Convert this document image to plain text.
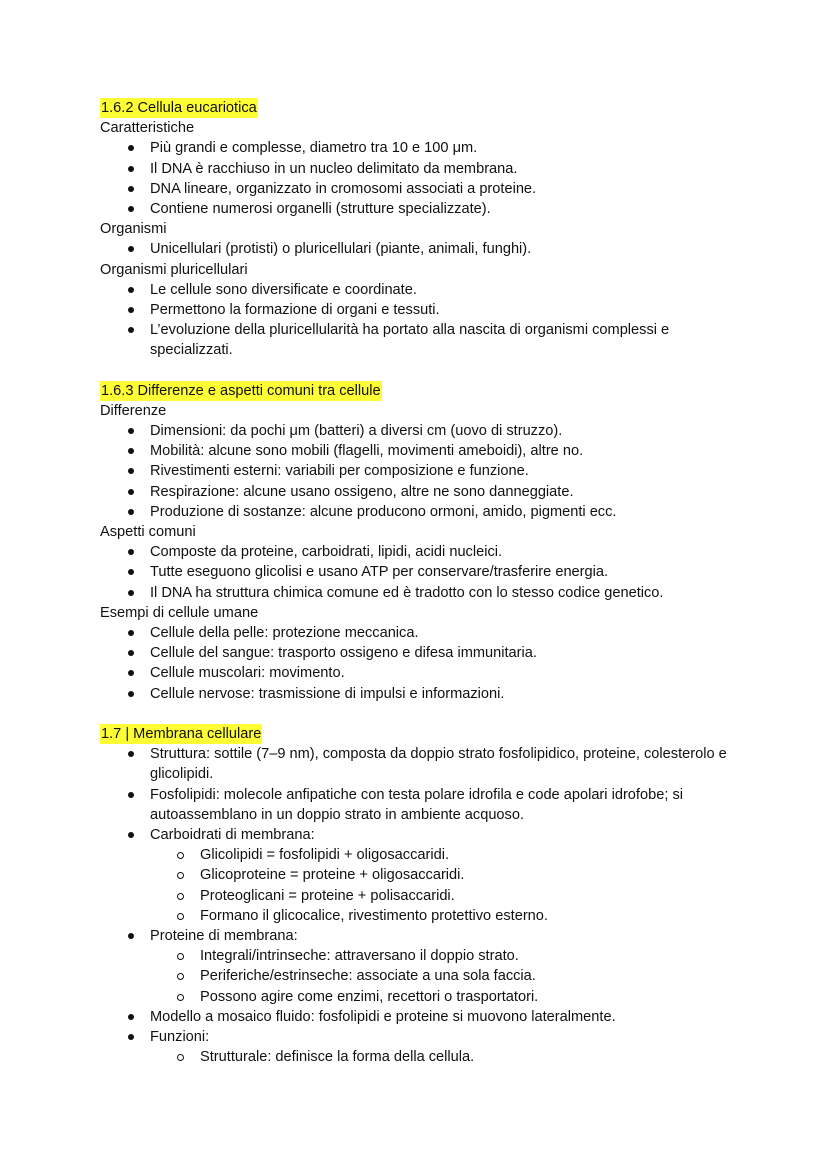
1.6.2 Cellula eucariotica
Caratteristiche
Più grandi e complesse, diametro tra 10 e 100 μm.
Il DNA è racchiuso in un nucleo delimitato da membrana.
DNA lineare, organizzato in cromosomi associati a proteine.
Contiene numerosi organelli (strutture specializzate).
Organismi
Unicellulari (protisti) o pluricellulari (piante, animali, funghi).
Organismi pluricellulari
Le cellule sono diversificate e coordinate.
Permettono la formazione di organi e tessuti.
L’evoluzione della pluricellularità ha portato alla nascita di organismi complessi e specializzati.
1.6.3 Differenze e aspetti comuni tra cellule
Differenze
Dimensioni: da pochi μm (batteri) a diversi cm (uovo di struzzo).
Mobilità: alcune sono mobili (flagelli, movimenti ameboidi), altre no.
Rivestimenti esterni: variabili per composizione e funzione.
Respirazione: alcune usano ossigeno, altre ne sono danneggiate.
Produzione di sostanze: alcune producono ormoni, amido, pigmenti ecc.
Aspetti comuni
Composte da proteine, carboidrati, lipidi, acidi nucleici.
Tutte eseguono glicolisi e usano ATP per conservare/trasferire energia.
Il DNA ha struttura chimica comune ed è tradotto con lo stesso codice genetico.
Esempi di cellule umane
Cellule della pelle: protezione meccanica.
Cellule del sangue: trasporto ossigeno e difesa immunitaria.
Cellule muscolari: movimento.
Cellule nervose: trasmissione di impulsi e informazioni.
1.7 | Membrana cellulare
Struttura: sottile (7–9 nm), composta da doppio strato fosfolipidico, proteine, colesterolo e glicolipidi.
Fosfolipidi: molecole anfipatiche con testa polare idrofila e code apolari idrofobe; si autoassemblano in un doppio strato in ambiente acquoso.
Carboidrati di membrana:
Glicolipidi = fosfolipidi + oligosaccaridi.
Glicoproteine = proteine + oligosaccaridi.
Proteoglicani = proteine + polisaccaridi.
Formano il glicocalice, rivestimento protettivo esterno.
Proteine di membrana:
Integrali/intrinseche: attraversano il doppio strato.
Periferiche/estrinseche: associate a una sola faccia.
Possono agire come enzimi, recettori o trasportatori.
Modello a mosaico fluido: fosfolipidi e proteine si muovono lateralmente.
Funzioni:
Strutturale: definisce la forma della cellula.
